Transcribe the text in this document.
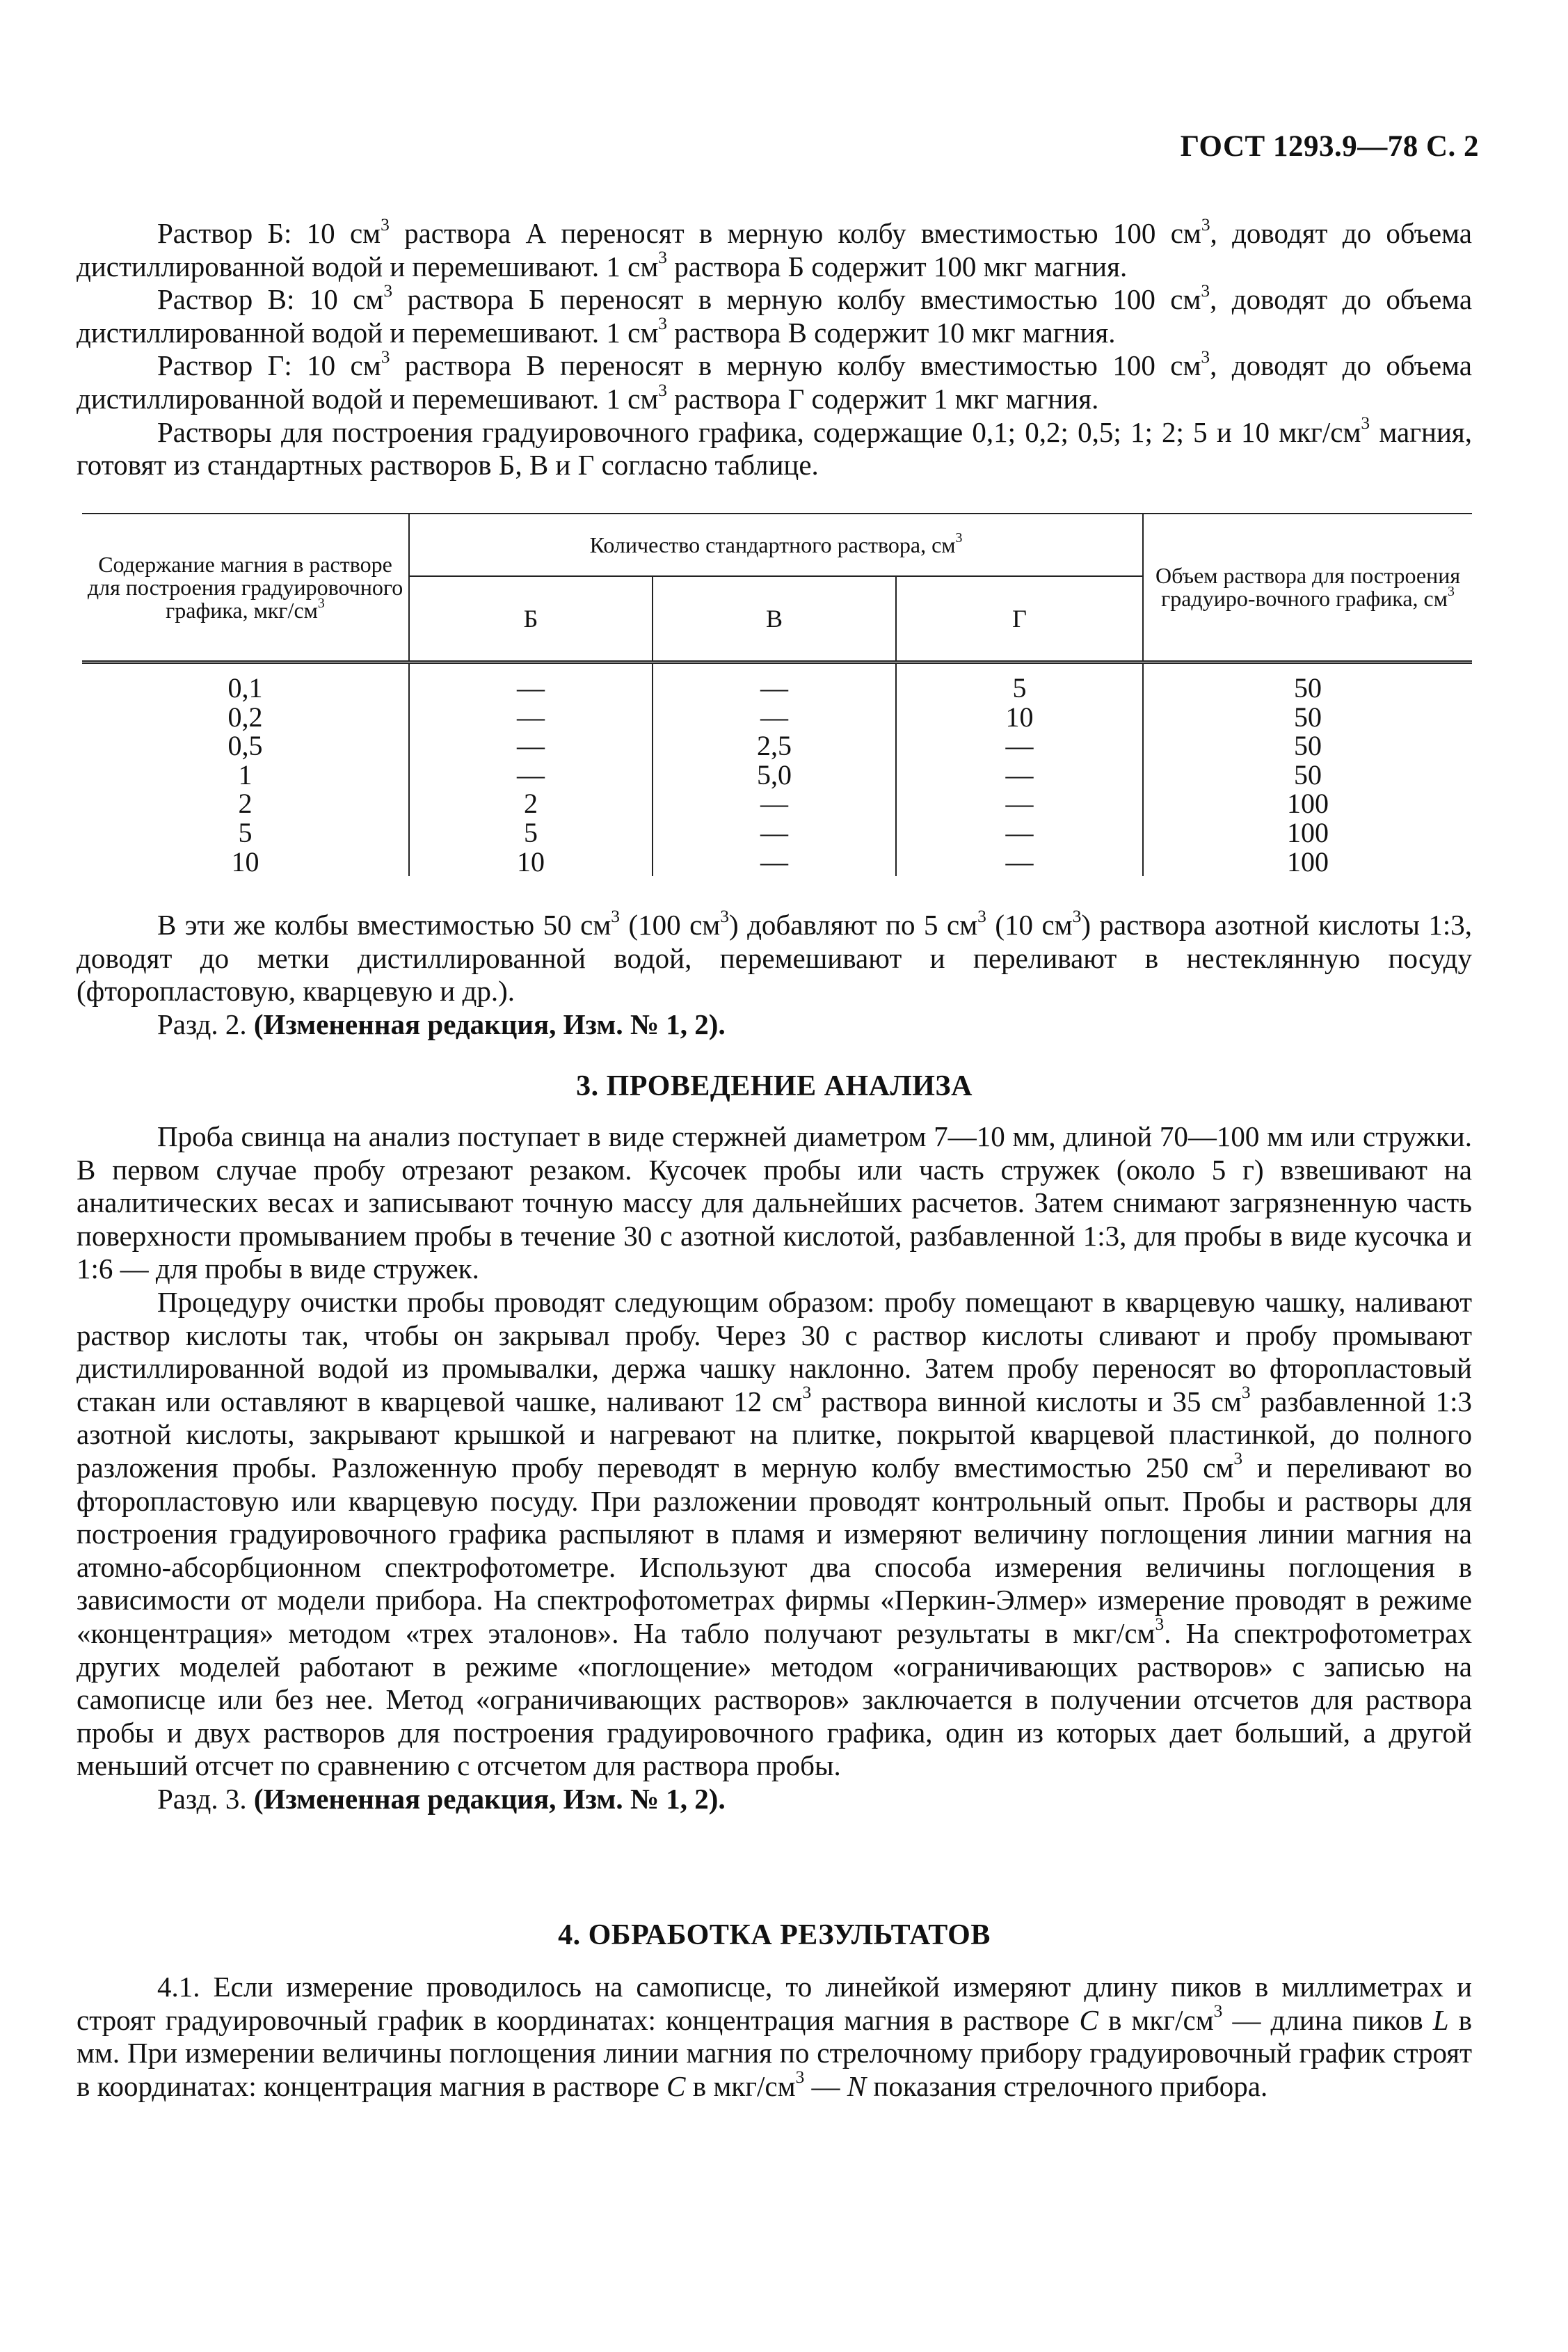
ГОСТ 1293.9—78 С. 2

Раствор Б: 10 $см^3$ раствора А переносят в мерную колбу вместимостью 100 $см^3$, доводят до объема дистиллированной водой и перемешивают. 1 $см^3$ раствора Б содержит 100 мкг магния.

Раствор В: 10 $см^3$ раствора Б переносят в мерную колбу вместимостью 100 $см^3$, доводят до объема дистиллированной водой и перемешивают. 1 $см^3$ раствора В содержит 10 мкг магния.

Раствор Г: 10 $см^3$ раствора В переносят в мерную колбу вместимостью 100 $см^3$, доводят до объема дистиллированной водой и перемешивают. 1 $см^3$ раствора Г содержит 1 мкг магния.

Растворы для построения градуировочного графика, содержащие 0,1; 0,2; 0,5; 1; 2; 5 и 10 мкг/$см^3$ магния, готовят из стандартных растворов Б, В и Г согласно таблице.

Содержание магния в растворе для построения градуировочного графика, мкг/$см^3$	Количество стандартного раствора, $см^3$			Объем раствора для построения градуиро-вочного графика, $см^3$
	Б	В	Г	
0,1	—	—	5	50
0,2	—	—	10	50
0,5	—	2,5	—	50
1	—	5,0	—	50
2	2	—	—	100
5	5	—	—	100
10	10	—	—	100

В эти же колбы вместимостью 50 $см^3$ (100 $см^3$) добавляют по 5 $см^3$ (10 $см^3$) раствора азотной кислоты 1:3, доводят до метки дистиллированной водой, перемешивают и переливают в нестеклянную посуду (фторопластовую, кварцевую и др.).

Разд. 2. (Измененная редакция, Изм. № 1, 2).

3. ПРОВЕДЕНИЕ АНАЛИЗА

Проба свинца на анализ поступает в виде стержней диаметром 7—10 мм, длиной 70—100 мм или стружки. В первом случае пробу отрезают резаком. Кусочек пробы или часть стружек (около 5 г) взвешивают на аналитических весах и записывают точную массу для дальнейших расчетов. Затем снимают загрязненную часть поверхности промыванием пробы в течение 30 с азотной кислотой, разбавленной 1:3, для пробы в виде кусочка и 1:6 — для пробы в виде стружек.

Процедуру очистки пробы проводят следующим образом: пробу помещают в кварцевую чашку, наливают раствор кислоты так, чтобы он закрывал пробу. Через 30 с раствор кислоты сливают и пробу промывают дистиллированной водой из промывалки, держа чашку наклонно. Затем пробу переносят во фторопластовый стакан или оставляют в кварцевой чашке, наливают 12 $см^3$ раствора винной кислоты и 35 $см^3$ разбавленной 1:3 азотной кислоты, закрывают крышкой и нагревают на плитке, покрытой кварцевой пластинкой, до полного разложения пробы. Разложенную пробу переводят в мерную колбу вместимостью 250 $см^3$ и переливают во фторопластовую или кварцевую посуду. При разложении проводят контрольный опыт. Пробы и растворы для построения градуировочного графика распыляют в пламя и измеряют величину поглощения линии магния на атомно-абсорбционном спектрофотометре. Используют два способа измерения величины поглощения в зависимости от модели прибора. На спектрофотометрах фирмы «Перкин-Элмер» измерение проводят в режиме «концентрация» методом «трех эталонов». На табло получают результаты в мкг/$см^3$. На спектрофотометрах других моделей работают в режиме «поглощение» методом «ограничивающих растворов» с записью на самописце или без нее. Метод «ограничивающих растворов» заключается в получении отсчетов для раствора пробы и двух растворов для построения градуировочного графика, один из которых дает больший, а другой меньший отсчет по сравнению с отсчетом для раствора пробы.

Разд. 3. (Измененная редакция, Изм. № 1, 2).

4. ОБРАБОТКА РЕЗУЛЬТАТОВ

4.1. Если измерение проводилось на самописце, то линейкой измеряют длину пиков в миллиметрах и строят градуировочный график в координатах: концентрация магния в растворе C в мкг/$см^3$ — длина пиков L в мм. При измерении величины поглощения линии магния по стрелочному прибору градуировочный график строят в координатах: концентрация магния в растворе C в мкг/$см^3$ — N показания стрелочного прибора.
